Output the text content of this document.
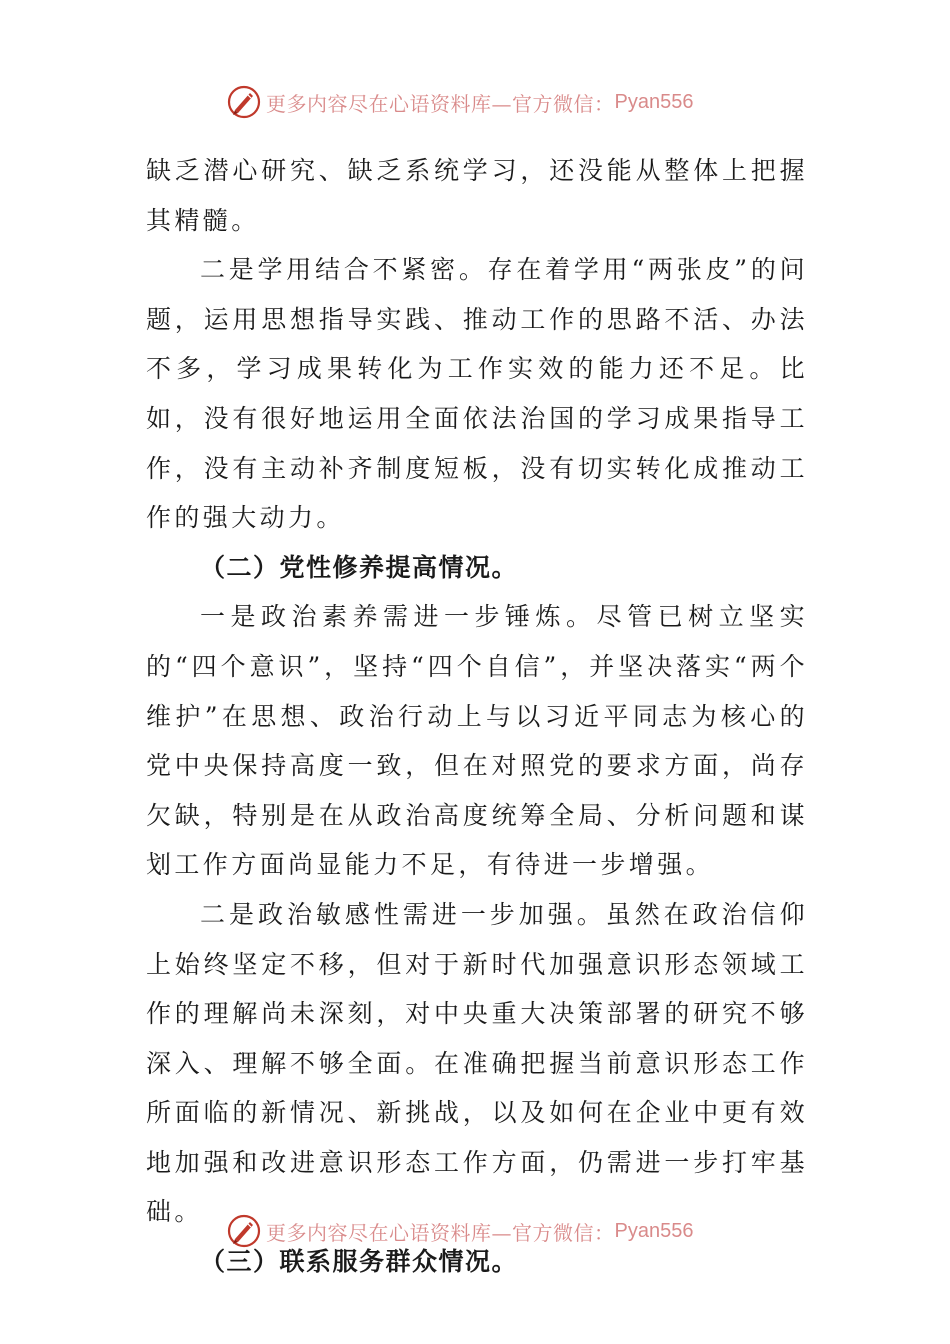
更多内容尽在心语资料库—官方微信： Pyan556

缺乏潜心研究、缺乏系统学习，还没能从整体上把握其精髓。

二是学用结合不紧密。存在着学用“两张皮”的问题，运用思想指导实践、推动工作的思路不活、办法不多，学习成果转化为工作实效的能力还不足。比如，没有很好地运用全面依法治国的学习成果指导工作，没有主动补齐制度短板，没有切实转化成推动工作的强大动力。

（二）党性修养提高情况。

一是政治素养需进一步锤炼。尽管已树立坚实的“四个意识”，坚持“四个自信”，并坚决落实“两个维护”在思想、政治行动上与以习近平同志为核心的党中央保持高度一致，但在对照党的要求方面，尚存欠缺，特别是在从政治高度统筹全局、分析问题和谋划工作方面尚显能力不足，有待进一步增强。

二是政治敏感性需进一步加强。虽然在政治信仰上始终坚定不移，但对于新时代加强意识形态领域工作的理解尚未深刻，对中央重大决策部署的研究不够深入、理解不够全面。在准确把握当前意识形态工作所面临的新情况、新挑战，以及如何在企业中更有效地加强和改进意识形态工作方面，仍需进一步打牢基础。

（三）联系服务群众情况。

更多内容尽在心语资料库—官方微信： Pyan556
